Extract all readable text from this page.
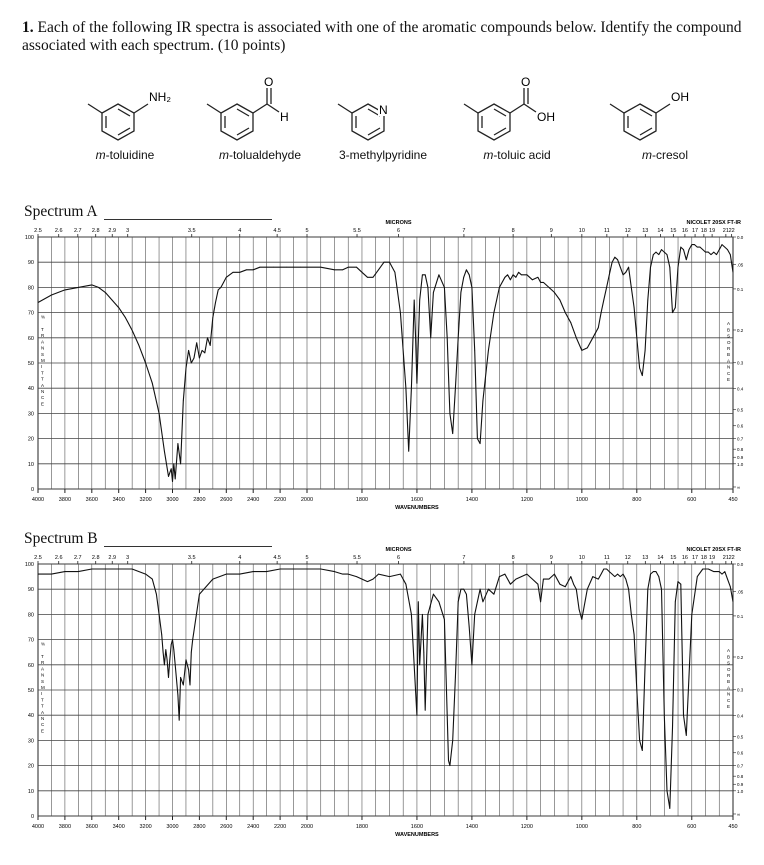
1. Each of the following IR spectra is associated with one of the aromatic compounds below. Identify the compound associated with each spectrum. (10 points)
NH₂
m-toluidine
O
H
m-tolualdehyde
N
3-methylpyridine
O
OH
m-toluic acid
OH
m-cresol
Spectrum A
4000	3800	3600	3400	3200	3000	2800	2600	2400	2200	2000	1800	1600	1400	1200	1000	800	600	450
WAVENUMBERS
2.5 2.6 2.7 2.8 2.9 3	3.5	4	4.5	5	5.5	6	7	8	9	10	11	12 13 14 15 16 17 18 19 21 22
MICRONS	NICOLET 20SX FT-IR
0
10
20
30
40
50
60
70
80
90
100
%
T
R
A
N
S
M
I
T
T
A
N
C
E
0.0
.05
0.1
0.2
0.3
0.4
0.5
0.6
0.7
0.8
0.9
1.0
∞
A
B
S
O
R
B
A
N
C
E
Spectrum B
4000	3800	3600	3400	3200	3000	2800	2600	2400	2200	2000	1800	1600	1400	1200	1000	800	600	450
WAVENUMBERS
2.5 2.6 2.7 2.8 2.9 3	3.5	4	4.5	5	5.5	6	7	8	9	10	11	12 13 14 15 16 17 18 19 21 22
MICRONS	NICOLET 20SX FT-IR
0
10
20
30
40
50
60
70
80
90
100
%
T
R
A
N
S
M
I
T
T
A
N
C
E
0.0
.05
0.1
0.2
0.3
0.4
0.5
0.6
0.7
0.8
0.9
1.0
∞
A
B
S
O
R
B
A
N
C
E
